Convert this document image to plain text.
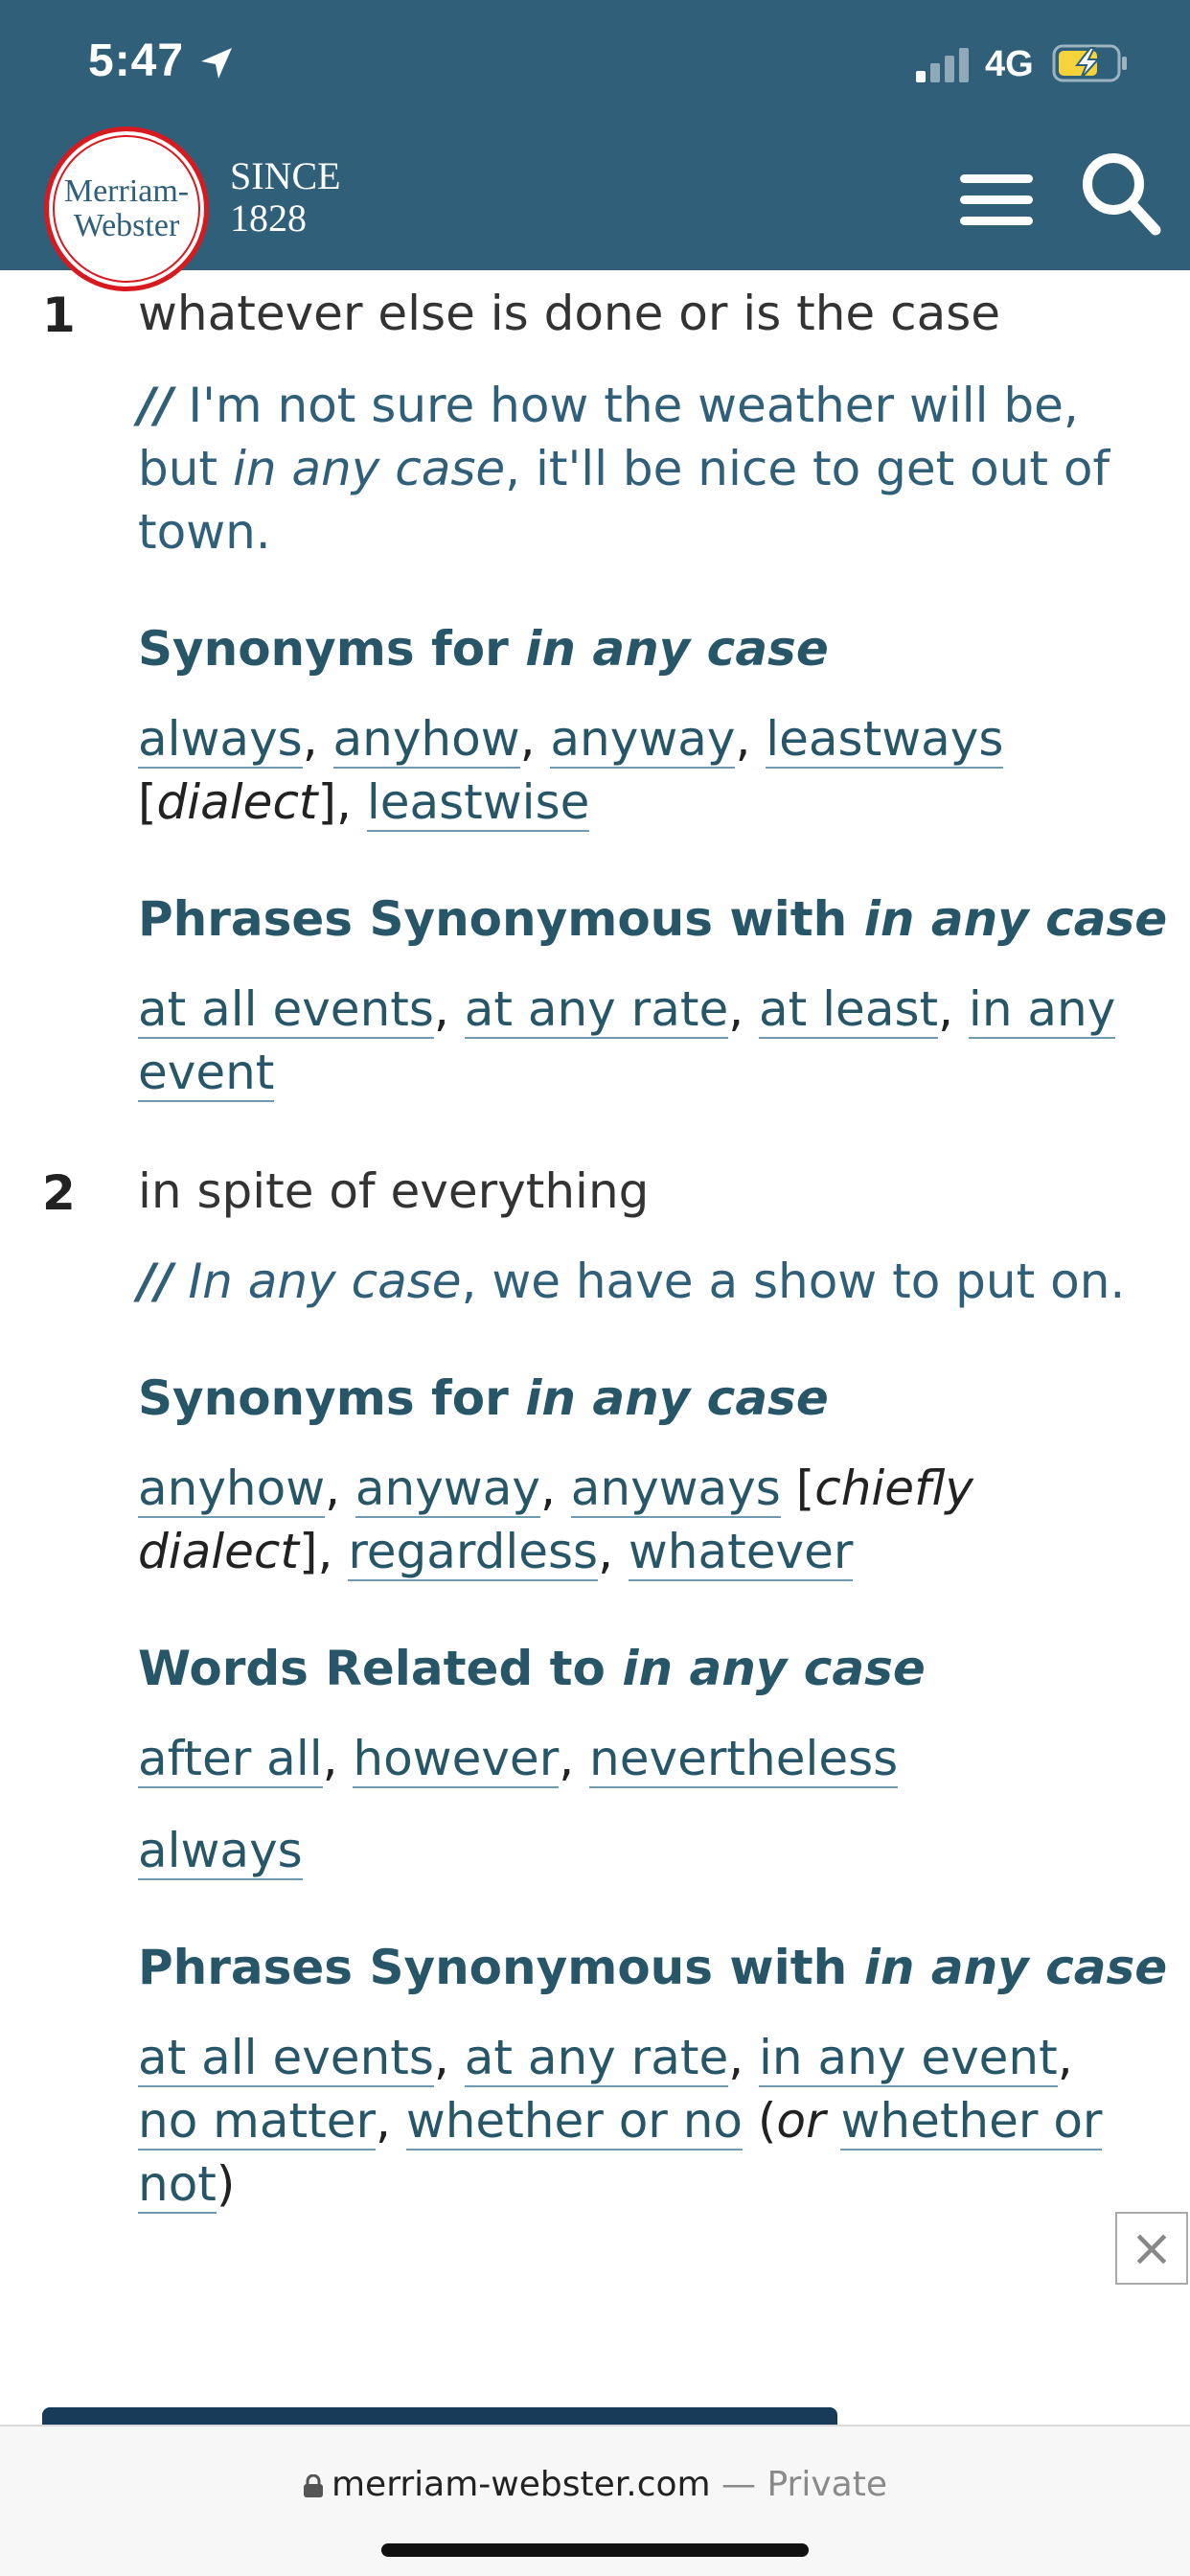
5:47	4G
Merriam-
Webster
SINCE
1828
1 whatever else is done or is the case
// I'm not sure how the weather will be, but in any case, it'll be nice to get out of town.
Synonyms for in any case
always, anyhow, anyway, leastways
[dialect], leastwise
Phrases Synonymous with in any case
at all events, at any rate, at least, in any event
2 in spite of everything
// In any case, we have a show to put on.
Synonyms for in any case
anyhow, anyway, anyways [chiefly
dialect], regardless, whatever
Words Related to in any case
after all, however, nevertheless
always
Phrases Synonymous with in any case
at all events, at any rate, in any event,
no matter, whether or no (or whether or not)
×
merriam-webster.com — Private
